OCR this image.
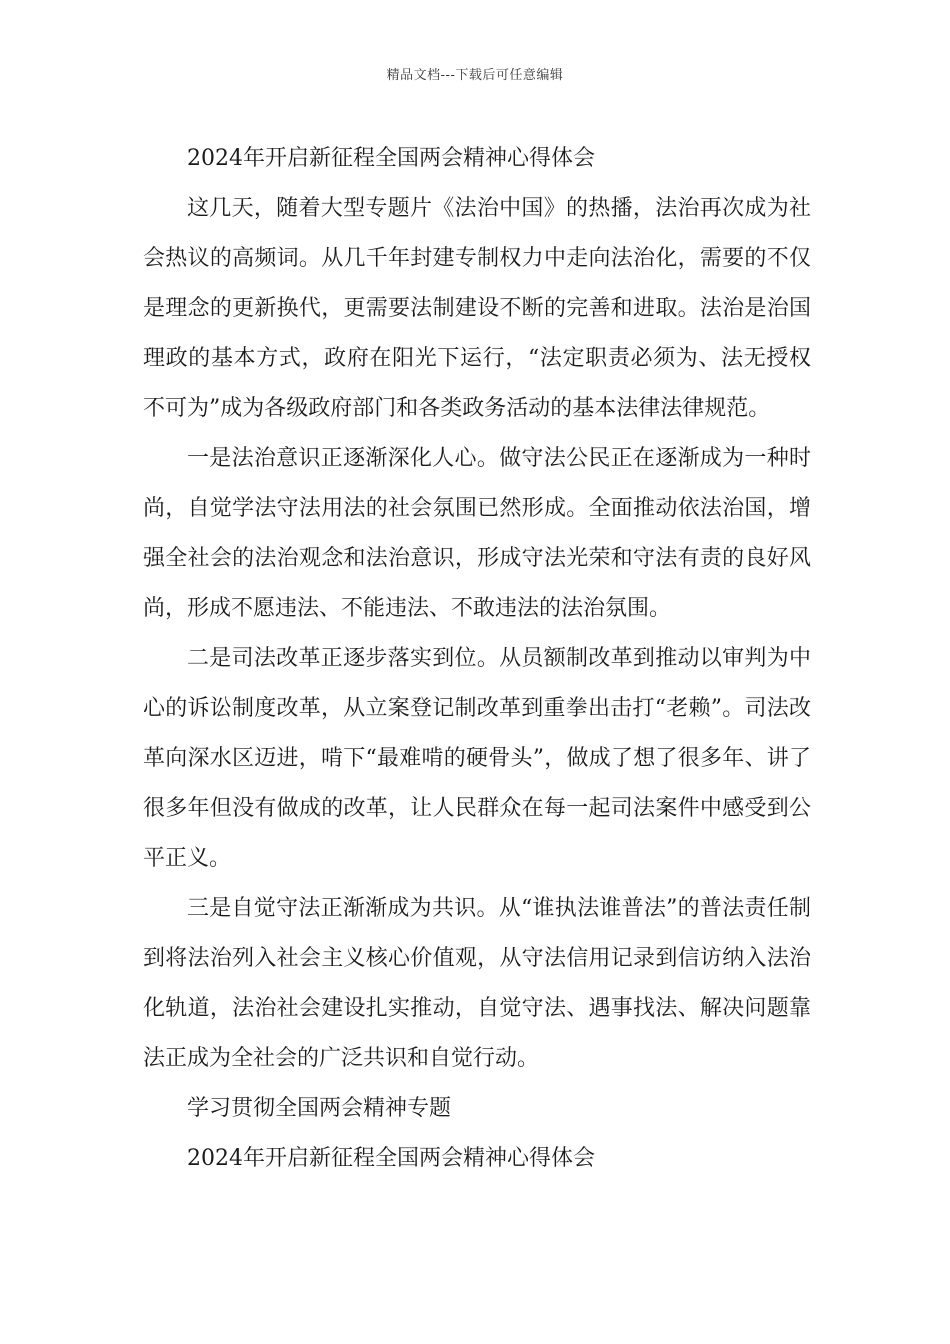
精品文档---下载后可任意编辑

2024年开启新征程全国两会精神心得体会

这几天，随着大型专题片《法治中国》的热播，法治再次成为社会热议的高频词。从几千年封建专制权力中走向法治化，需要的不仅是理念的更新换代，更需要法制建设不断的完善和进取。法治是治国理政的基本方式，政府在阳光下运行，“法定职责必须为、法无授权不可为”成为各级政府部门和各类政务活动的基本法律法律规范。

一是法治意识正逐渐深化人心。做守法公民正在逐渐成为一种时尚，自觉学法守法用法的社会氛围已然形成。全面推动依法治国，增强全社会的法治观念和法治意识，形成守法光荣和守法有责的良好风尚，形成不愿违法、不能违法、不敢违法的法治氛围。

二是司法改革正逐步落实到位。从员额制改革到推动以审判为中心的诉讼制度改革，从立案登记制改革到重拳出击打“老赖”。司法改革向深水区迈进，啃下“最难啃的硬骨头”，做成了想了很多年、讲了很多年但没有做成的改革，让人民群众在每一起司法案件中感受到公平正义。

三是自觉守法正渐渐成为共识。从“谁执法谁普法”的普法责任制到将法治列入社会主义核心价值观，从守法信用记录到信访纳入法治化轨道，法治社会建设扎实推动，自觉守法、遇事找法、解决问题靠法正成为全社会的广泛共识和自觉行动。

学习贯彻全国两会精神专题

2024年开启新征程全国两会精神心得体会
